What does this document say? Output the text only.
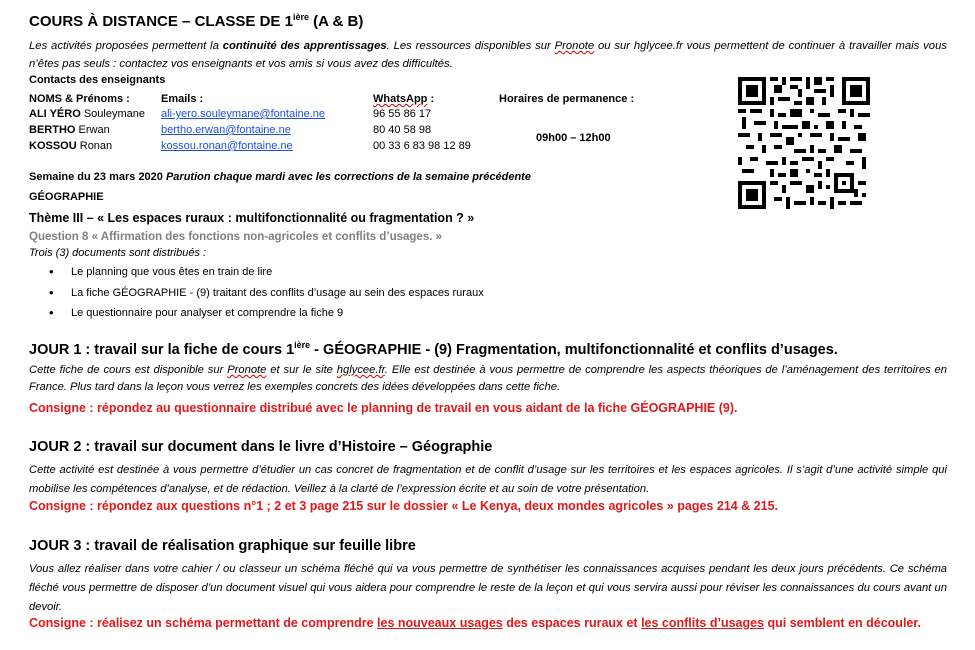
COURS À DISTANCE – CLASSE DE $1^{ière}$ (A & B)
Les activités proposées permettent la continuité des apprentissages. Les ressources disponibles sur Pronote ou sur hglycee.fr vous permettent de continuer à travailler mais vous n’êtes pas seuls : contactez vos enseignants et vos amis si vous avez des difficultés.
Contacts des enseignants
NOMS & Prénoms :	Emails :	WhatsApp :	Horaires de permanence :
ALI YÉRO Souleymane ali-yero.souleymane@fontaine.ne	96 55 86 17
BERTHO Erwan	bertho.erwan@fontaine.ne	80 40 58 98
KOSSOU Ronan	kossou.ronan@fontaine.ne	00 33 6 83 98 12 89
09h00 – 12h00
Semaine du 23 mars 2020 Parution chaque mardi avec les corrections de la semaine précédente
GÉOGRAPHIE
Thème III – « Les espaces ruraux : multifonctionnalité ou fragmentation ? »
Question 8 « Affirmation des fonctions non-agricoles et conflits d’usages. »
Trois (3) documents sont distribués :
• Le planning que vous êtes en train de lire
• La fiche GÉOGRAPHIE - (9) traitant des conflits d’usage au sein des espaces ruraux
• Le questionnaire pour analyser et comprendre la fiche 9
JOUR 1 : travail sur la fiche de cours $1^{ière}$ - GÉOGRAPHIE - (9) Fragmentation, multifonctionnalité et conflits d’usages.
Cette fiche de cours est disponible sur Pronote et sur le site hglycee.fr. Elle est destinée à vous permettre de comprendre les aspects théoriques de l’aménagement des territoires en France. Plus tard dans la leçon vous verrez les exemples concrets des idées développées dans cette fiche.
Consigne : répondez au questionnaire distribué avec le planning de travail en vous aidant de la fiche GÉOGRAPHIE (9).
JOUR 2 : travail sur document dans le livre d’Histoire – Géographie
Cette activité est destinée à vous permettre d’étudier un cas concret de fragmentation et de conflit d’usage sur les territoires et les espaces agricoles. Il s’agit d’une activité simple qui mobilise les compétences d’analyse, et de rédaction. Veillez à la clarté de l’expression écrite et au soin de votre présentation.
Consigne : répondez aux questions n°1 ; 2 et 3 page 215 sur le dossier « Le Kenya, deux mondes agricoles » pages 214 & 215.
JOUR 3 : travail de réalisation graphique sur feuille libre
Vous allez réaliser dans votre cahier / ou classeur un schéma fléché qui va vous permettre de synthétiser les connaissances acquises pendant les deux jours précédents. Ce schéma fléché vous permettre de disposer d’un document visuel qui vous aidera pour comprendre le reste de la leçon et qui vous servira aussi pour réviser les connaissances du cours avant un devoir.
Consigne : réalisez un schéma permettant de comprendre les nouveaux usages des espaces ruraux et les conflits d’usages qui semblent en découler.
